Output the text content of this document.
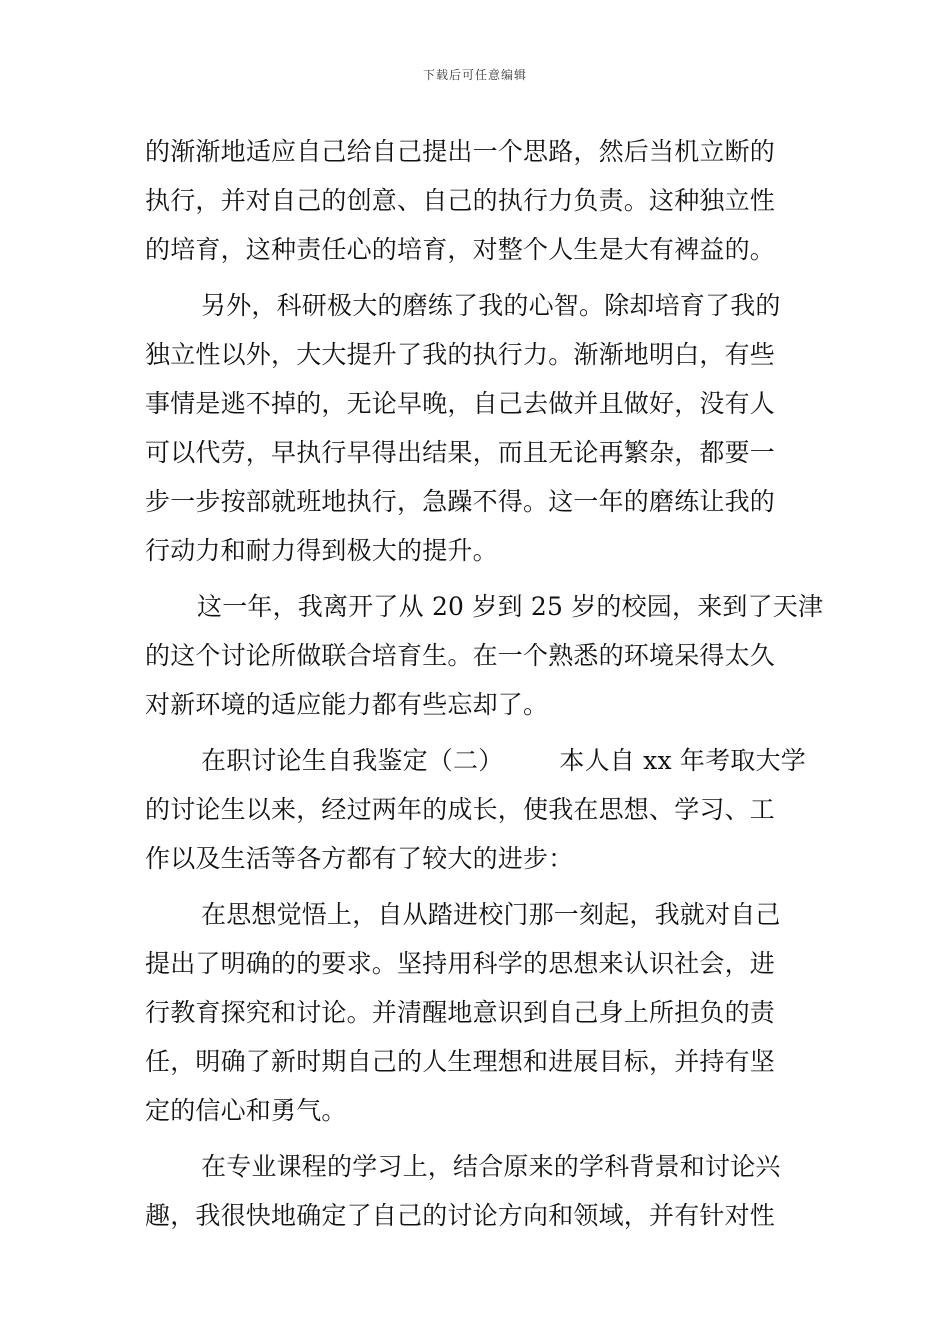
下载后可任意编辑
的渐渐地适应自己给自己提出一个思路，然后当机立断的
执行，并对自己的创意、自己的执行力负责。这种独立性
的培育，这种责任心的培育，对整个人生是大有裨益的。
另外，科研极大的磨练了我的心智。除却培育了我的
独立性以外，大大提升了我的执行力。渐渐地明白，有些
事情是逃不掉的，无论早晚，自己去做并且做好，没有人
可以代劳，早执行早得出结果，而且无论再繁杂，都要一
步一步按部就班地执行，急躁不得。这一年的磨练让我的
行动力和耐力得到极大的提升。
这一年，我离开了从 20 岁到 25 岁的校园，来到了天津
的这个讨论所做联合培育生。在一个熟悉的环境呆得太久
对新环境的适应能力都有些忘却了。
在职讨论生自我鉴定（二） 本人自 xx 年考取大学
的讨论生以来，经过两年的成长，使我在思想、学习、工
作以及生活等各方都有了较大的进步：
在思想觉悟上，自从踏进校门那一刻起，我就对自己
提出了明确的的要求。坚持用科学的思想来认识社会，进
行教育探究和讨论。并清醒地意识到自己身上所担负的责
任，明确了新时期自己的人生理想和进展目标，并持有坚
定的信心和勇气。
在专业课程的学习上，结合原来的学科背景和讨论兴
趣，我很快地确定了自己的讨论方向和领域，并有针对性
